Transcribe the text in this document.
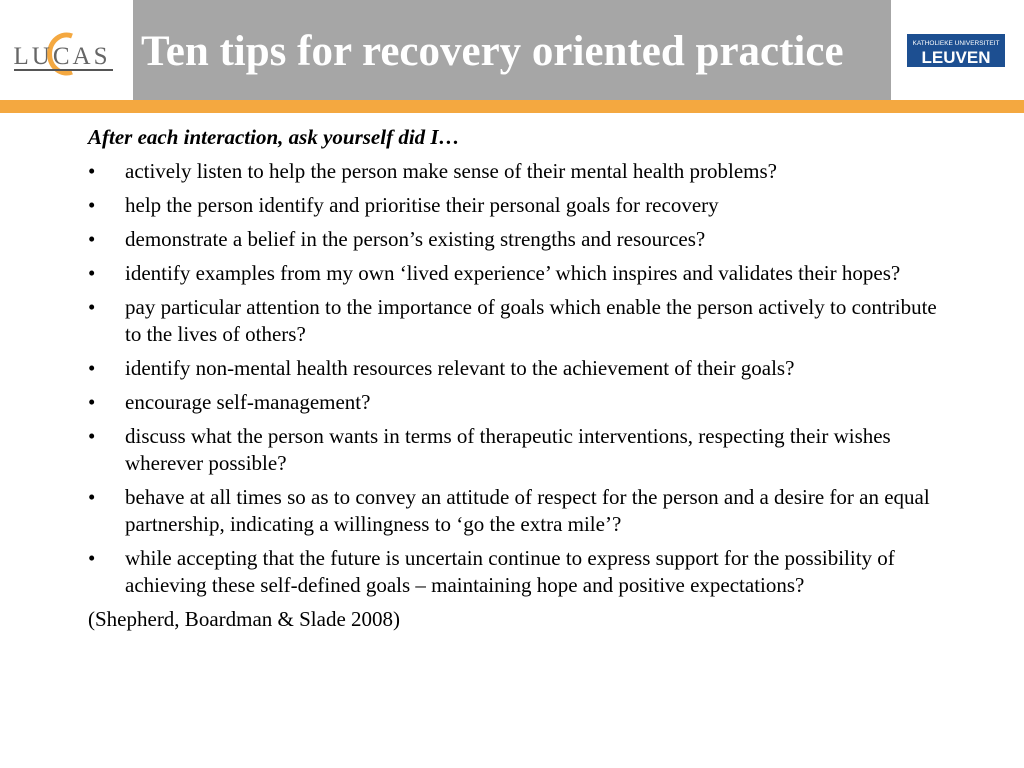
LUCAS Ten tips for recovery oriented practice	KATHOLIEKE UNIVERSITEIT
LEUVEN

After each interaction, ask yourself did I…

• actively listen to help the person make sense of their mental health problems?
• help the person identify and prioritise their personal goals for recovery
• demonstrate a belief in the person’s existing strengths and resources?
• identify examples from my own ‘lived experience’ which inspires and validates their hopes?
• pay particular attention to the importance of goals which enable the person actively to contribute to the lives of others?
• identify non-mental health resources relevant to the achievement of their goals?
• encourage self-management?
• discuss what the person wants in terms of therapeutic interventions, respecting their wishes wherever possible?
• behave at all times so as to convey an attitude of respect for the person and a desire for an equal partnership, indicating a willingness to ‘go the extra mile’?
• while accepting that the future is uncertain continue to express support for the possibility of achieving these self-defined goals – maintaining hope and positive expectations?

(Shepherd, Boardman & Slade 2008)
